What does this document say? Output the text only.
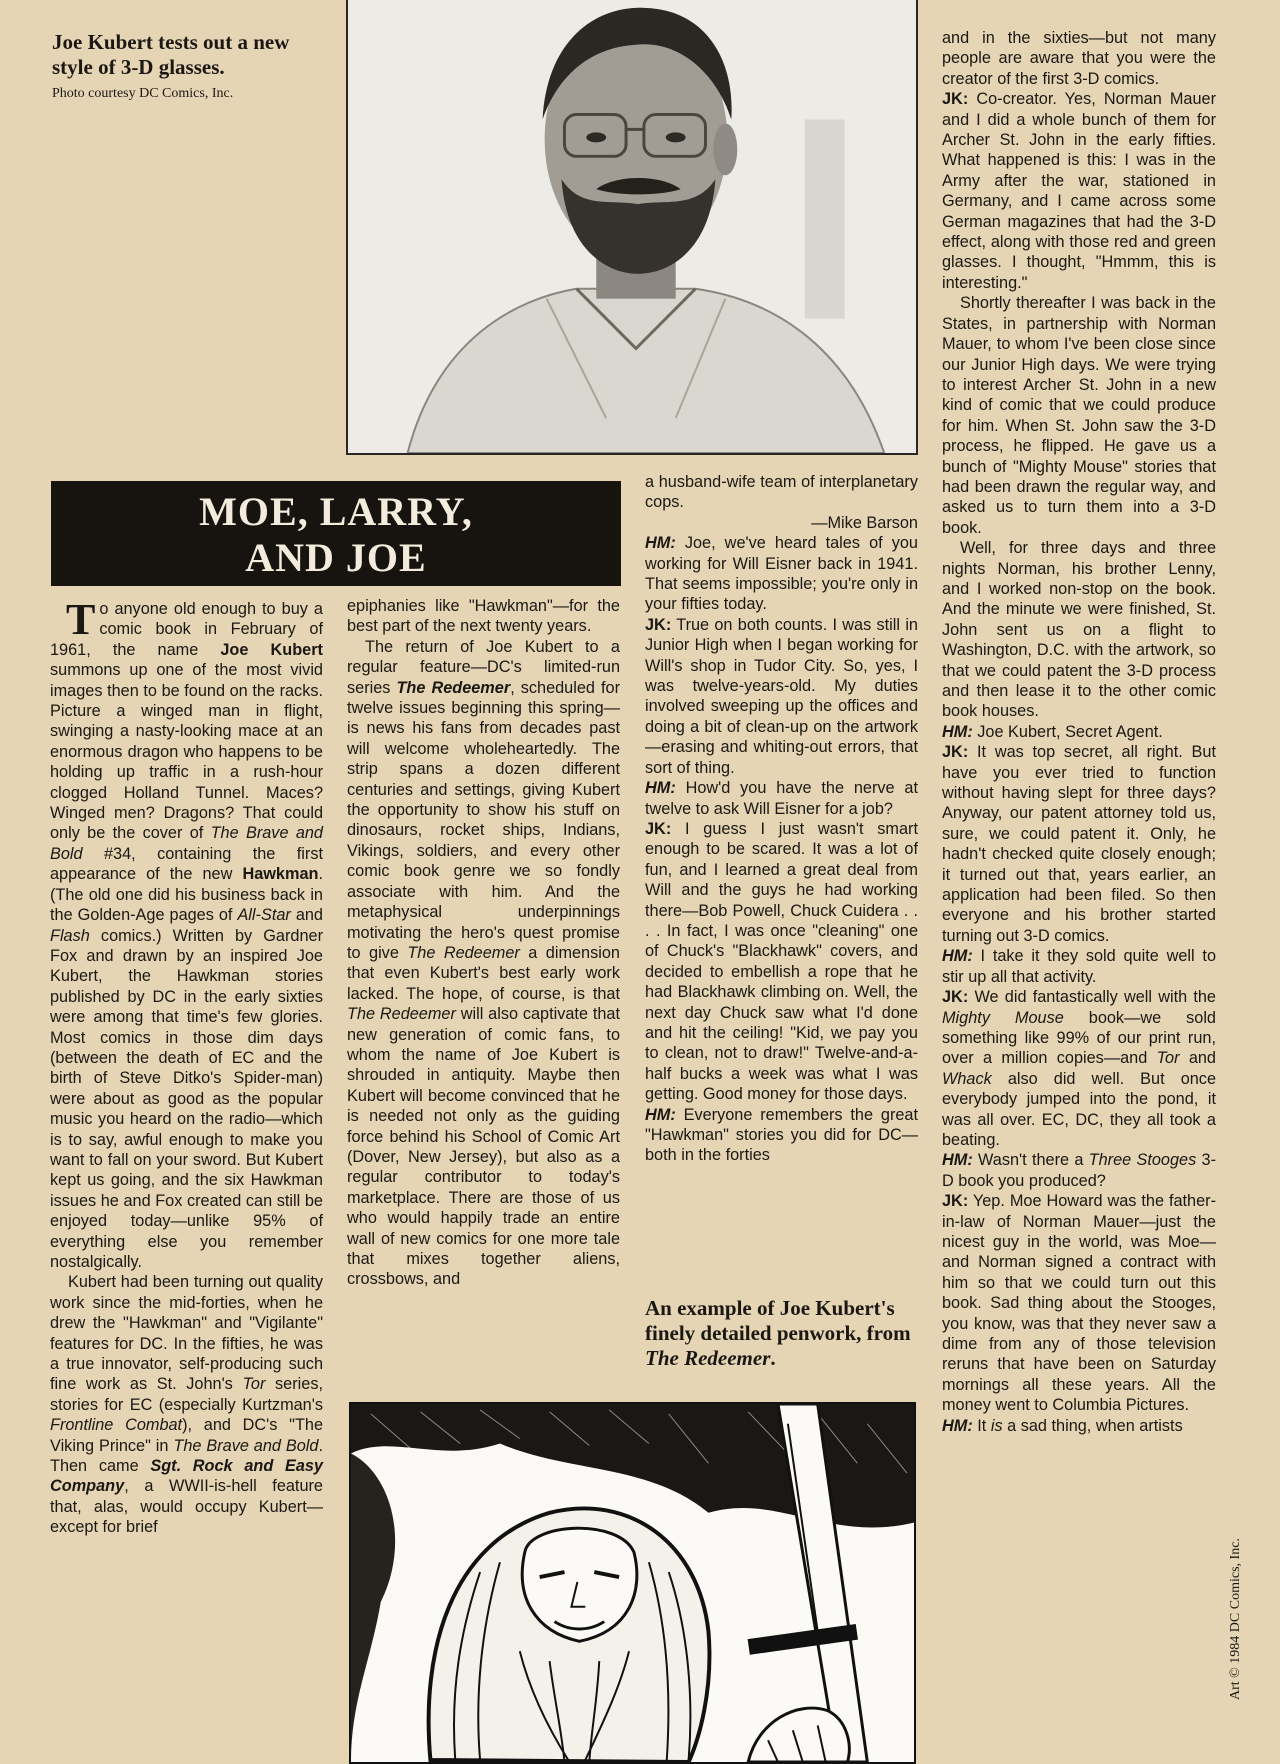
Joe Kubert tests out a new style of 3-D glasses.

Photo courtesy DC Comics, Inc.
MOE, LARRY,
AND JOE

To anyone old enough to buy a comic book in February of 1961, the name Joe Kubert summons up one of the most vivid images then to be found on the racks. Picture a winged man in flight, swinging a nasty-looking mace at an enormous dragon who happens to be holding up traffic in a rush-hour clogged Holland Tunnel. Maces? Winged men? Dragons? That could only be the cover of The Brave and Bold #34, containing the first appearance of the new Hawkman. (The old one did his business back in the Golden-Age pages of All-Star and Flash comics.) Written by Gardner Fox and drawn by an inspired Joe Kubert, the Hawkman stories published by DC in the early sixties were among that time's few glories. Most comics in those dim days (between the death of EC and the birth of Steve Ditko's Spider-man) were about as good as the popular music you heard on the radio—which is to say, awful enough to make you want to fall on your sword. But Kubert kept us going, and the six Hawkman issues he and Fox created can still be enjoyed today—unlike 95% of everything else you remember nostalgically.

Kubert had been turning out quality work since the mid-forties, when he drew the "Hawkman" and "Vigilante" features for DC. In the fifties, he was a true innovator, self-producing such fine work as St. John's Tor series, stories for EC (especially Kurtzman's Frontline Combat), and DC's "The Viking Prince" in The Brave and Bold. Then came Sgt. Rock and Easy Company, a WWII-is-hell feature that, alas, would occupy Kubert—except for brief

epiphanies like "Hawkman"—for the best part of the next twenty years.

The return of Joe Kubert to a regular feature—DC's limited-run series The Redeemer, scheduled for twelve issues beginning this spring—is news his fans from decades past will welcome wholeheartedly. The strip spans a dozen different centuries and settings, giving Kubert the opportunity to show his stuff on dinosaurs, rocket ships, Indians, Vikings, soldiers, and every other comic book genre we so fondly associate with him. And the metaphysical underpinnings motivating the hero's quest promise to give The Redeemer a dimension that even Kubert's best early work lacked. The hope, of course, is that The Redeemer will also captivate that new generation of comic fans, to whom the name of Joe Kubert is shrouded in antiquity. Maybe then Kubert will become convinced that he is needed not only as the guiding force behind his School of Comic Art (Dover, New Jersey), but also as a regular contributor to today's marketplace. There are those of us who would happily trade an entire wall of new comics for one more tale that mixes together aliens, crossbows, and

a husband-wife team of interplanetary cops.

—Mike Barson

HM: Joe, we've heard tales of you working for Will Eisner back in 1941. That seems impossible; you're only in your fifties today.

JK: True on both counts. I was still in Junior High when I began working for Will's shop in Tudor City. So, yes, I was twelve-years-old. My duties involved sweeping up the offices and doing a bit of clean-up on the artwork—erasing and whiting-out errors, that sort of thing.

HM: How'd you have the nerve at twelve to ask Will Eisner for a job?

JK: I guess I just wasn't smart enough to be scared. It was a lot of fun, and I learned a great deal from Will and the guys he had working there—Bob Powell, Chuck Cuidera . . . . In fact, I was once "cleaning" one of Chuck's "Blackhawk" covers, and decided to embellish a rope that he had Blackhawk climbing on. Well, the next day Chuck saw what I'd done and hit the ceiling! "Kid, we pay you to clean, not to draw!" Twelve-and-a-half bucks a week was what I was getting. Good money for those days.

HM: Everyone remembers the great "Hawkman" stories you did for DC—both in the forties

An example of Joe Kubert's finely detailed penwork, from The Redeemer.

and in the sixties—but not many people are aware that you were the creator of the first 3-D comics.

JK: Co-creator. Yes, Norman Mauer and I did a whole bunch of them for Archer St. John in the early fifties. What happened is this: I was in the Army after the war, stationed in Germany, and I came across some German magazines that had the 3-D effect, along with those red and green glasses. I thought, "Hmmm, this is interesting."

Shortly thereafter I was back in the States, in partnership with Norman Mauer, to whom I've been close since our Junior High days. We were trying to interest Archer St. John in a new kind of comic that we could produce for him. When St. John saw the 3-D process, he flipped. He gave us a bunch of "Mighty Mouse" stories that had been drawn the regular way, and asked us to turn them into a 3-D book.

Well, for three days and three nights Norman, his brother Lenny, and I worked non-stop on the book. And the minute we were finished, St. John sent us on a flight to Washington, D.C. with the artwork, so that we could patent the 3-D process and then lease it to the other comic book houses.

HM: Joe Kubert, Secret Agent.

JK: It was top secret, all right. But have you ever tried to function without having slept for three days? Anyway, our patent attorney told us, sure, we could patent it. Only, he hadn't checked quite closely enough; it turned out that, years earlier, an application had been filed. So then everyone and his brother started turning out 3-D comics.

HM: I take it they sold quite well to stir up all that activity.

JK: We did fantastically well with the Mighty Mouse book—we sold something like 99% of our print run, over a million copies—and Tor and Whack also did well. But once everybody jumped into the pond, it was all over. EC, DC, they all took a beating.

HM: Wasn't there a Three Stooges 3-D book you produced?

JK: Yep. Moe Howard was the father-in-law of Norman Mauer—just the nicest guy in the world, was Moe—and Norman signed a contract with him so that we could turn out this book. Sad thing about the Stooges, you know, was that they never saw a dime from any of those television reruns that have been on Saturday mornings all these years. All the money went to Columbia Pictures.

HM: It is a sad thing, when artists

Art © 1984 DC Comics, Inc.
